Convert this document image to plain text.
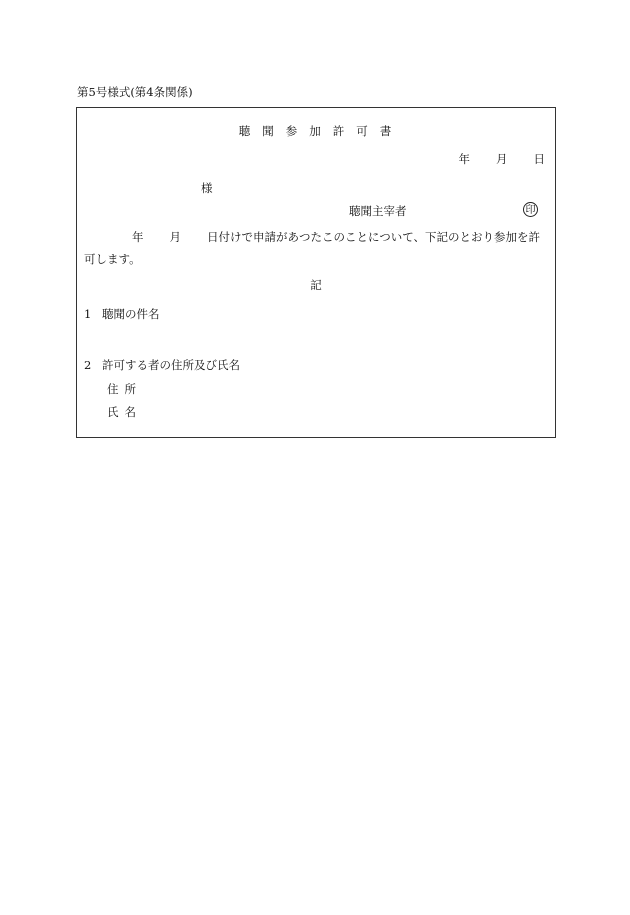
第5号様式(第4条関係)
聴聞参加許可書
年 月 日
様
聴聞主宰者	印
年 月 日付けで申請があつたこのことについて、下記のとおり参加を許可します。
記
1 聴聞の件名
2 許可する者の住所及び氏名
住所
氏名
